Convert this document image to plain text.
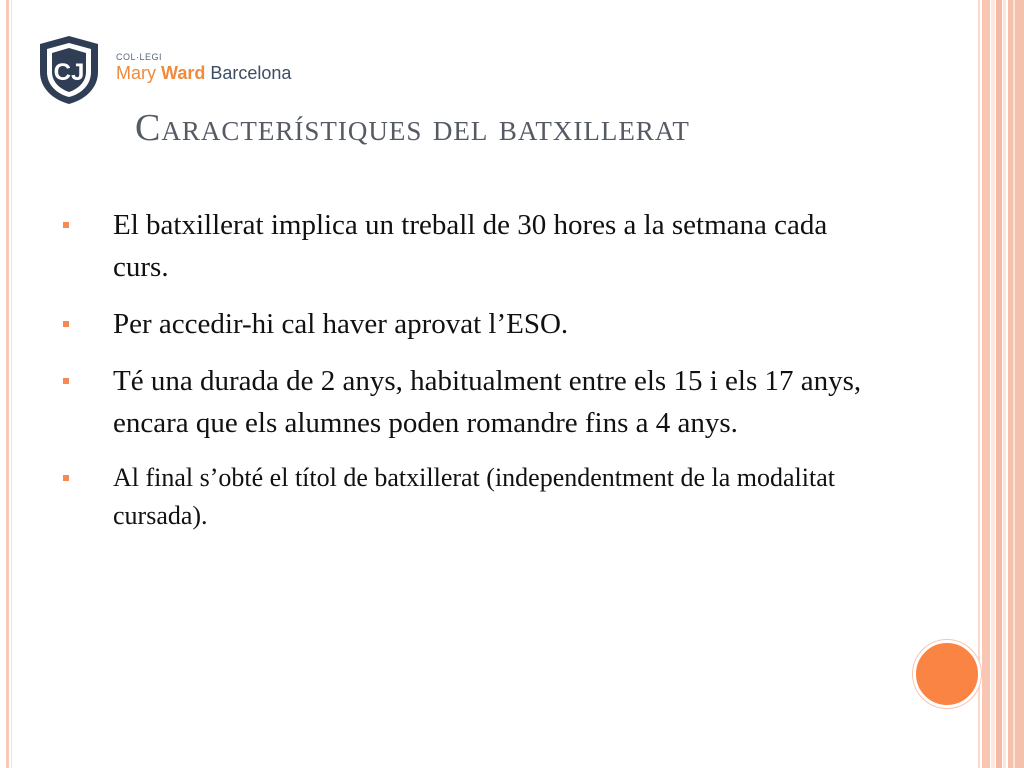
CJ
COL·LEGI
Mary Ward Barcelona
Característiques del batxillerat
El batxillerat implica un treball de 30 hores a la setmana cada curs.
Per accedir-hi cal haver aprovat l’ESO.
Té una durada de 2 anys, habitualment entre els 15 i els 17 anys, encara que els alumnes poden romandre fins a 4 anys.
Al final s’obté el títol de batxillerat (independentment de la modalitat cursada).
